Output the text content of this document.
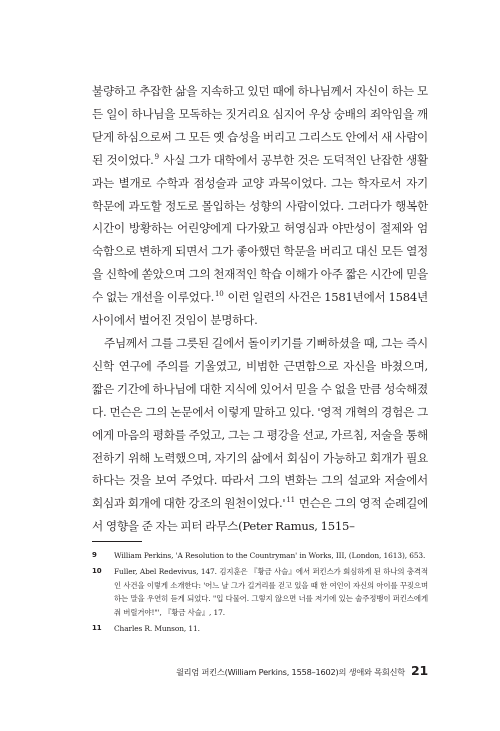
불량하고 추잡한 삶을 지속하고 있던 때에 하나님께서 자신이 하는 모든 일이 하나님을 모독하는 짓거리요 심지어 우상 숭배의 죄악임을 깨닫게 하심으로써 그 모든 옛 습성을 버리고 그리스도 안에서 새 사람이 된 것이었다.$^9$ 사실 그가 대학에서 공부한 것은 도덕적인 난잡한 생활과는 별개로 수학과 점성술과 교양 과목이었다. 그는 학자로서 자기 학문에 과도할 정도로 몰입하는 성향의 사람이었다. 그러다가 행복한 시간이 방황하는 어린양에게 다가왔고 허영심과 야만성이 절제와 엄숙함으로 변하게 되면서 그가 좋아했던 학문을 버리고 대신 모든 열정을 신학에 쏟았으며 그의 천재적인 학습 이해가 아주 짧은 시간에 믿을 수 없는 개선을 이루었다.$^{10}$ 이런 일련의 사건은 1581년에서 1584년 사이에서 벌어진 것임이 분명하다.

주님께서 그를 그릇된 길에서 돌이키기를 기뻐하셨을 때, 그는 즉시 신학 연구에 주의를 기울였고, 비범한 근면함으로 자신을 바쳤으며, 짧은 기간에 하나님에 대한 지식에 있어서 믿을 수 없을 만큼 성숙해졌다. 먼슨은 그의 논문에서 이렇게 말하고 있다. '영적 개혁의 경험은 그에게 마음의 평화를 주었고, 그는 그 평강을 선교, 가르침, 저술을 통해 전하기 위해 노력했으며, 자기의 삶에서 회심이 가능하고 회개가 필요하다는 것을 보여 주었다. 따라서 그의 변화는 그의 설교와 저술에서 회심과 회개에 대한 강조의 원천이었다.'$^{11}$ 먼슨은 그의 영적 순례길에서 영향을 준 자는 피터 라무스(Peter Ramus, 1515–

9	William Perkins, 'A Resolution to the Countryman' in Works, III, (London, 1613), 653.
10	Fuller, Abel Redevivus, 147. 김지훈은 『황금 사슬』에서 퍼킨스가 회심하게 된 하나의 충격적인 사건을 이렇게 소개한다: '어느 날 그가 길거리를 걷고 있을 때 한 여인이 자신의 아이를 꾸짖으며 하는 말을 우연히 듣게 되었다. "입 다물어. 그렇지 않으면 너를 저기에 있는 술주정뱅이 퍼킨스에게 줘 버릴거야!"', 『황금 사슬』, 17.
11	Charles R. Munson, 11.
윌리엄 퍼킨스(William Perkins, 1558–1602)의 생애와 목회신학 21
